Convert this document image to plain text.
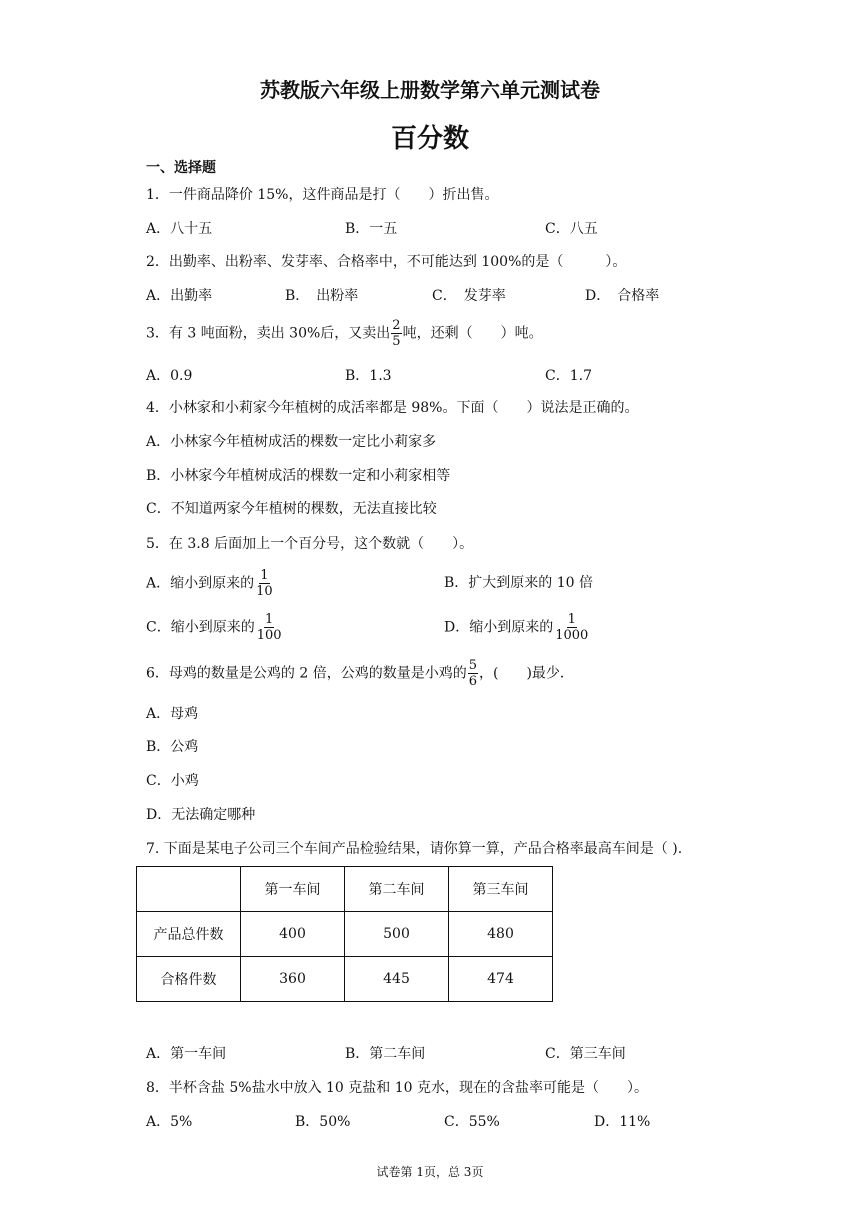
苏教版六年级上册数学第六单元测试卷
百分数
一、选择题
1．一件商品降价 15%，这件商品是打（　　）折出售。
A．八十五	B．一五	C．八五
2．出勤率、出粉率、发芽率、合格率中，不可能达到 100%的是（　　　）。
A．出勤率	B．　出粉率	C．　发芽率	D．　合格率
3．有 3 吨面粉，卖出 30%后，又卖出 $\frac{2}{5}$ 吨，还剩（　　）吨。
A．0.9	B．1.3	C．1.7
4．小林家和小莉家今年植树的成活率都是 98%。下面（　　）说法是正确的。
A．小林家今年植树成活的棵数一定比小莉家多
B．小林家今年植树成活的棵数一定和小莉家相等
C．不知道两家今年植树的棵数，无法直接比较
5．在 3.8 后面加上一个百分号，这个数就（　　）。
A．缩小到原来的 $\frac{1}{10}$	B．扩大到原来的 10 倍
C．缩小到原来的 $\frac{1}{100}$	D．缩小到原来的 $\frac{1}{1000}$
6．母鸡的数量是公鸡的 2 倍，公鸡的数量是小鸡的 $\frac{5}{6}$ ，(　　)最少．
A．母鸡
B．公鸡
C．小鸡
D．无法确定哪种
7. 下面是某电子公司三个车间产品检验结果，请你算一算，产品合格率最高车间是（ ).
	第一车间	第二车间	第三车间
产品总件数	400	500	480
合格件数	360	445	474
A．第一车间	B．第二车间	C．第三车间
8．半杯含盐 5%盐水中放入 10 克盐和 10 克水，现在的含盐率可能是（　　）。
A．5%	B．50%	C．55%	D．11%
试卷第 1页，总 3页
